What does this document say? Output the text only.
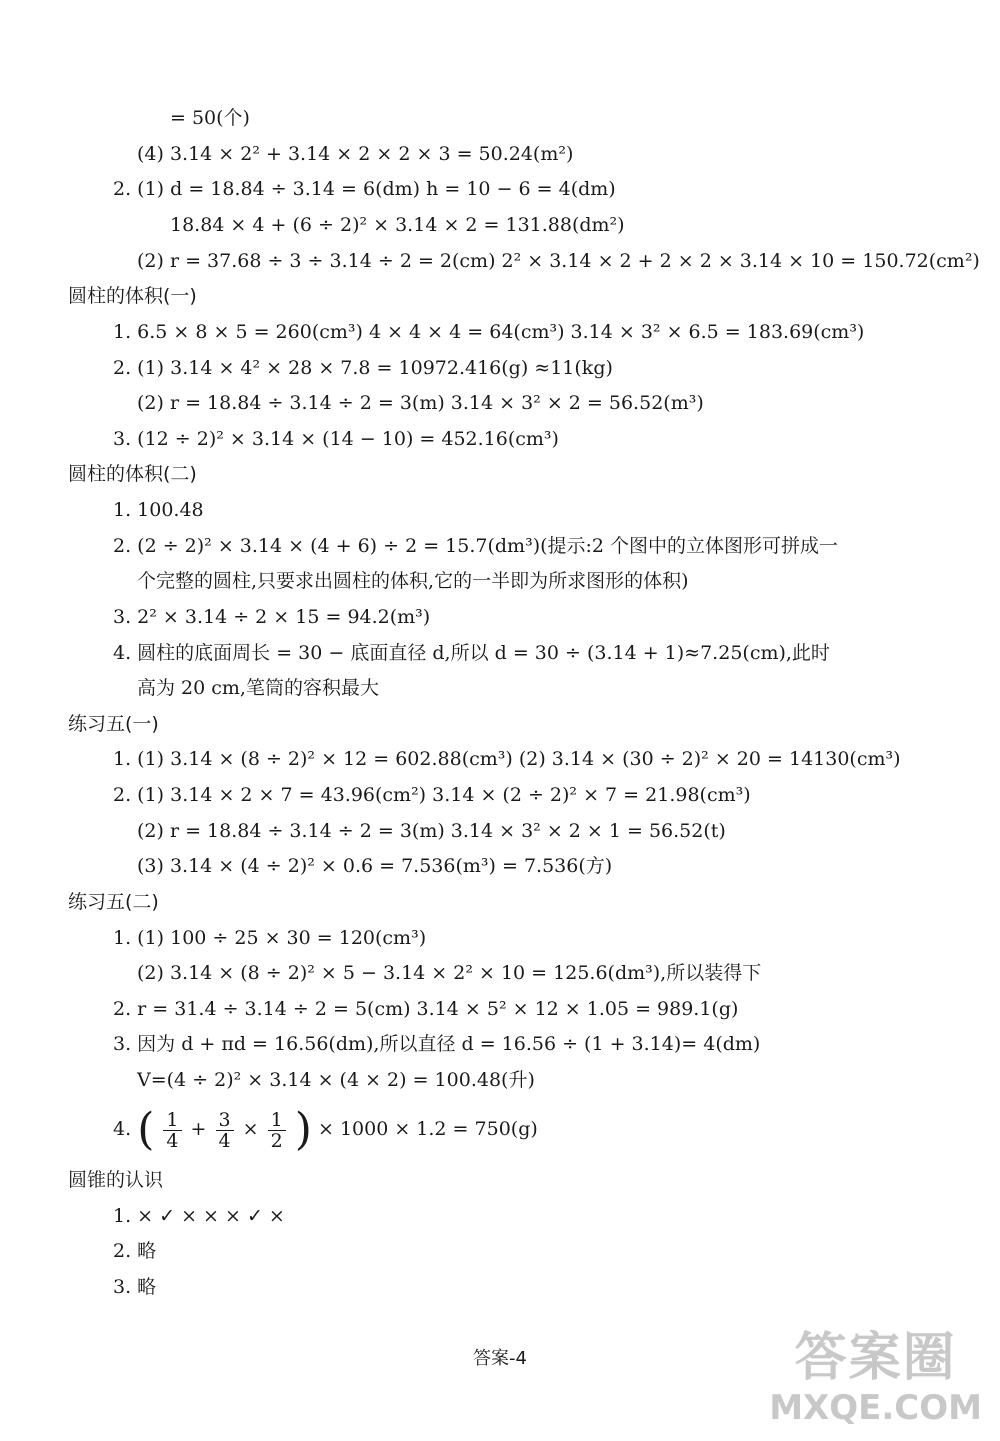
= 50(个)
(4) 3.14 × 2² + 3.14 × 2 × 2 × 3 = 50.24(m²)
2. (1) d = 18.84 ÷ 3.14 = 6(dm) h = 10 − 6 = 4(dm)
18.84 × 4 + (6 ÷ 2)² × 3.14 × 2 = 131.88(dm²)
(2) r = 37.68 ÷ 3 ÷ 3.14 ÷ 2 = 2(cm) 2² × 3.14 × 2 + 2 × 2 × 3.14 × 10 = 150.72(cm²)
圆柱的体积(一)
1. 6.5 × 8 × 5 = 260(cm³) 4 × 4 × 4 = 64(cm³) 3.14 × 3² × 6.5 = 183.69(cm³)
2. (1) 3.14 × 4² × 28 × 7.8 = 10972.416(g) ≈11(kg)
(2) r = 18.84 ÷ 3.14 ÷ 2 = 3(m) 3.14 × 3² × 2 = 56.52(m³)
3. (12 ÷ 2)² × 3.14 × (14 − 10) = 452.16(cm³)
圆柱的体积(二)
1. 100.48
2. (2 ÷ 2)² × 3.14 × (4 + 6) ÷ 2 = 15.7(dm³)(提示:2 个图中的立体图形可拼成一
个完整的圆柱,只要求出圆柱的体积,它的一半即为所求图形的体积)
3. 2² × 3.14 ÷ 2 × 15 = 94.2(m³)
4. 圆柱的底面周长 = 30 − 底面直径 d,所以 d = 30 ÷ (3.14 + 1)≈7.25(cm),此时
高为 20 cm,笔筒的容积最大
练习五(一)
1. (1) 3.14 × (8 ÷ 2)² × 12 = 602.88(cm³) (2) 3.14 × (30 ÷ 2)² × 20 = 14130(cm³)
2. (1) 3.14 × 2 × 7 = 43.96(cm²) 3.14 × (2 ÷ 2)² × 7 = 21.98(cm³)
(2) r = 18.84 ÷ 3.14 ÷ 2 = 3(m) 3.14 × 3² × 2 × 1 = 56.52(t)
(3) 3.14 × (4 ÷ 2)² × 0.6 = 7.536(m³) = 7.536(方)
练习五(二)
1. (1) 100 ÷ 25 × 30 = 120(cm³)
(2) 3.14 × (8 ÷ 2)² × 5 − 3.14 × 2² × 10 = 125.6(dm³),所以装得下
2. r = 31.4 ÷ 3.14 ÷ 2 = 5(cm) 3.14 × 5² × 12 × 1.05 = 989.1(g)
3. 因为 d + πd = 16.56(dm),所以直径 d = 16.56 ÷ (1 + 3.14)= 4(dm)
V=(4 ÷ 2)² × 3.14 × (4 × 2) = 100.48(升)
4. ( $\frac{1}{4} + \frac{3}{4} \times \frac{1}{2}$ ) × 1000 × 1.2 = 750(g)
圆锥的认识
1. × ✓ × × × ✓ ×
2. 略
3. 略
答案-4	答案圈
MXQE.COM
